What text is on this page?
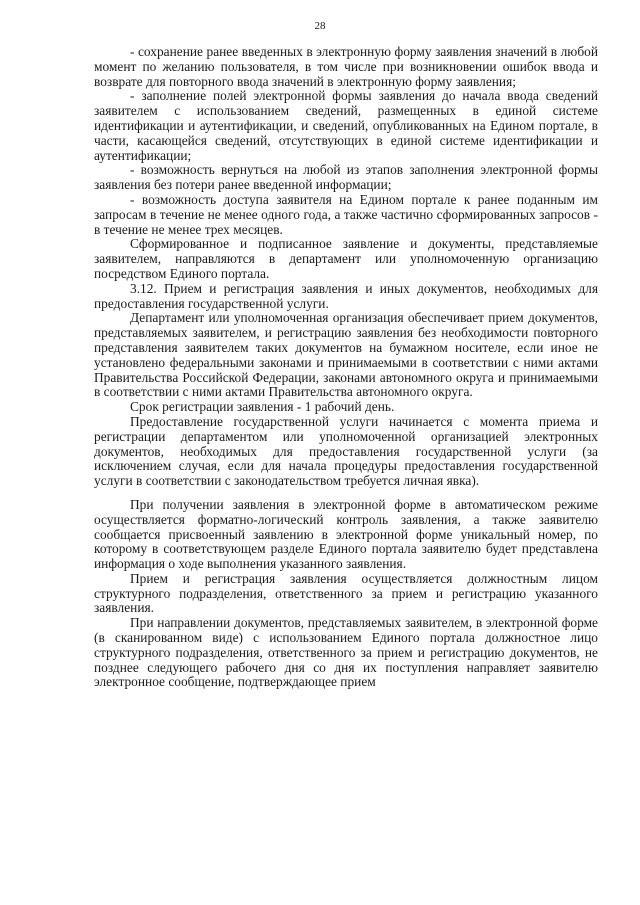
28

- сохранение ранее введенных в электронную форму заявления значений в любой момент по желанию пользователя, в том числе при возникновении ошибок ввода и возврате для повторного ввода значений в электронную форму заявления;

- заполнение полей электронной формы заявления до начала ввода сведений заявителем с использованием сведений, размещенных в единой системе идентификации и аутентификации, и сведений, опубликованных на Едином портале, в части, касающейся сведений, отсутствующих в единой системе идентификации и аутентификации;

- возможность вернуться на любой из этапов заполнения электронной формы заявления без потери ранее введенной информации;

- возможность доступа заявителя на Едином портале к ранее поданным им запросам в течение не менее одного года, а также частично сформированных запросов - в течение не менее трех месяцев.

Сформированное и подписанное заявление и документы, представляемые заявителем, направляются в департамент или уполномоченную организацию посредством Единого портала.

3.12. Прием и регистрация заявления и иных документов, необходимых для предоставления государственной услуги.

Департамент или уполномоченная организация обеспечивает прием документов, представляемых заявителем, и регистрацию заявления без необходимости повторного представления заявителем таких документов на бумажном носителе, если иное не установлено федеральными законами и принимаемыми в соответствии с ними актами Правительства Российской Федерации, законами автономного округа и принимаемыми в соответствии с ними актами Правительства автономного округа.

Срок регистрации заявления - 1 рабочий день.

Предоставление государственной услуги начинается с момента приема и регистрации департаментом или уполномоченной организацией электронных документов, необходимых для предоставления государственной услуги (за исключением случая, если для начала процедуры предоставления государственной услуги в соответствии с законодательством требуется личная явка).

При получении заявления в электронной форме в автоматическом режиме осуществляется форматно-логический контроль заявления, а также заявителю сообщается присвоенный заявлению в электронной форме уникальный номер, по которому в соответствующем разделе Единого портала заявителю будет представлена информация о ходе выполнения указанного заявления.

Прием и регистрация заявления осуществляется должностным лицом структурного подразделения, ответственного за прием и регистрацию указанного заявления.

При направлении документов, представляемых заявителем, в электронной форме (в сканированном виде) с использованием Единого портала должностное лицо структурного подразделения, ответственного за прием и регистрацию документов, не позднее следующего рабочего дня со дня их поступления направляет заявителю электронное сообщение, подтверждающее прием
